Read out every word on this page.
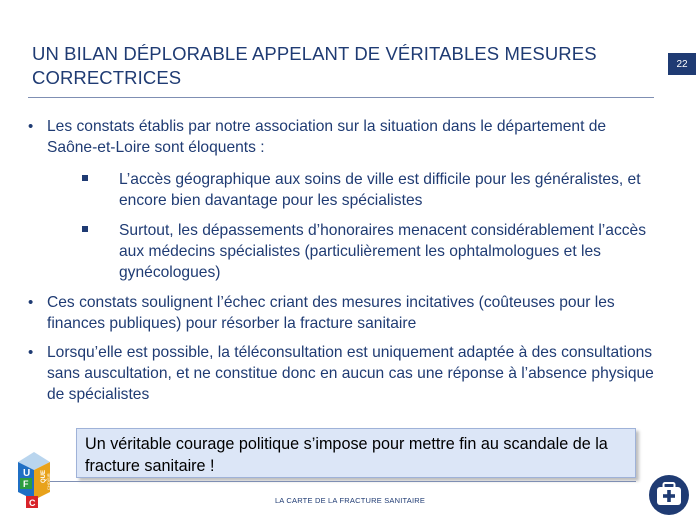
UN BILAN DÉPLORABLE APPELANT DE VÉRITABLES MESURES CORRECTRICES
22
• Les constats établis par notre association sur la situation dans le département de Saône-et-Loire sont éloquents :
L’accès géographique aux soins de ville est difficile pour les généralistes, et encore bien davantage pour les spécialistes
Surtout, les dépassements d’honoraires menacent considérablement l’accès aux médecins spécialistes (particulièrement les ophtalmologues et les gynécologues)
• Ces constats soulignent l’échec criant des mesures incitatives (coûteuses pour les finances publiques) pour résorber la fracture sanitaire
• Lorsqu’elle est possible, la téléconsultation est uniquement adaptée à des consultations sans auscultation, et ne constitue donc en aucun cas une réponse à l’absence physique de spécialistes
Un véritable courage politique s’impose pour mettre fin au scandale de la fracture sanitaire !
LA CARTE DE LA FRACTURE SANITAIRE
U
F
C
QUE CHOISIR
